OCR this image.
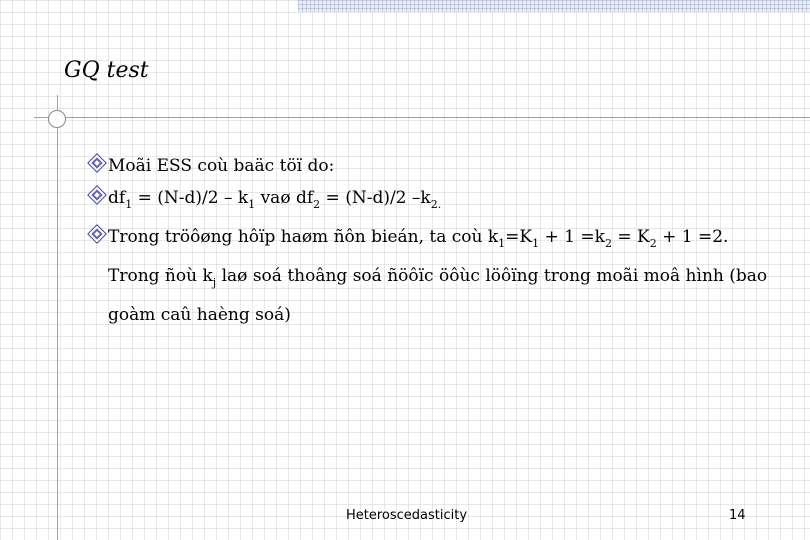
GQ test
Moãi ESS coù baäc töï do:
$df_1 = (N-d)/2 - k_1$ vaø $df_2 = (N-d)/2$ $-k_{2.}$
Trong tröôøng hôïp haøm ñôn bieán, ta coù $k_1=K_1 + 1 =k_2 = K_2 + 1 =2$. Trong ñoù $k_j$ laø soá thoâng soá ñöôïc öôùc löôïng trong moãi moâ hình (bao goàm caû haèng soá)
Heteroscedasticity	14
